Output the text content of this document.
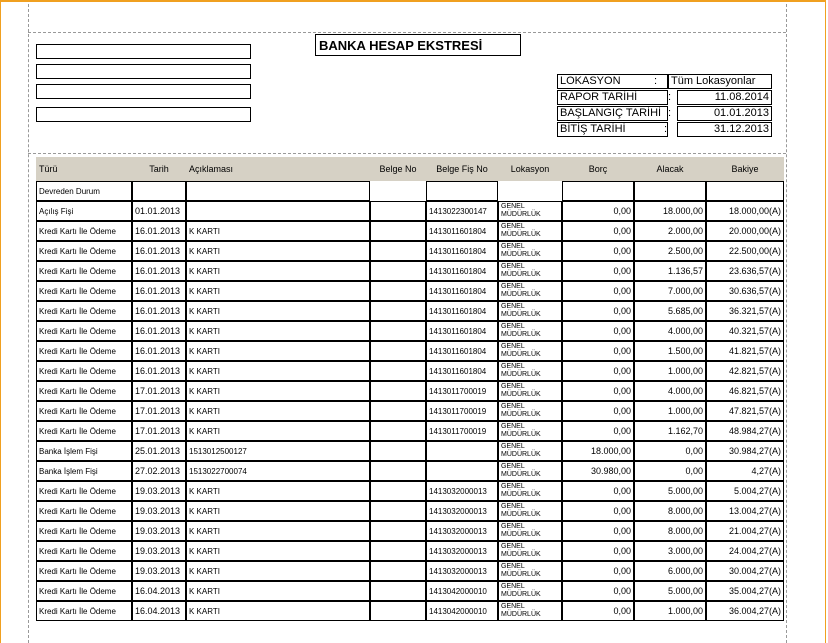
BANKA HESAP EKSTRESİ
LOKASYON	: Tüm Lokasyonlar
RAPOR TARİHİ	:	11.08.2014
BAŞLANGIÇ TARİHİ :	01.01.2013
BİTİŞ TARİHİ	:	31.12.2013
Türü	Tarih	Açıklaması	Belge No	Belge Fiş No	Lokasyon	Borç	Alacak	Bakiye
Devreden Durum								
Açılış Fişi	01.01.2013			1413022300147	GENEL MÜDÜRLÜK	0,00	18.000,00	18.000,00(A)
Kredi Kartı İle Ödeme	16.01.2013	K KARTI		1413011601804	GENEL MÜDÜRLÜK	0,00	2.000,00	20.000,00(A)
Kredi Kartı İle Ödeme	16.01.2013	K KARTI		1413011601804	GENEL MÜDÜRLÜK	0,00	2.500,00	22.500,00(A)
Kredi Kartı İle Ödeme	16.01.2013	K KARTI		1413011601804	GENEL MÜDÜRLÜK	0,00	1.136,57	23.636,57(A)
Kredi Kartı İle Ödeme	16.01.2013	K KARTI		1413011601804	GENEL MÜDÜRLÜK	0,00	7.000,00	30.636,57(A)
Kredi Kartı İle Ödeme	16.01.2013	K KARTI		1413011601804	GENEL MÜDÜRLÜK	0,00	5.685,00	36.321,57(A)
Kredi Kartı İle Ödeme	16.01.2013	K KARTI		1413011601804	GENEL MÜDÜRLÜK	0,00	4.000,00	40.321,57(A)
Kredi Kartı İle Ödeme	16.01.2013	K KARTI		1413011601804	GENEL MÜDÜRLÜK	0,00	1.500,00	41.821,57(A)
Kredi Kartı İle Ödeme	16.01.2013	K KARTI		1413011601804	GENEL MÜDÜRLÜK	0,00	1.000,00	42.821,57(A)
Kredi Kartı İle Ödeme	17.01.2013	K KARTI		1413011700019	GENEL MÜDÜRLÜK	0,00	4.000,00	46.821,57(A)
Kredi Kartı İle Ödeme	17.01.2013	K KARTI		1413011700019	GENEL MÜDÜRLÜK	0,00	1.000,00	47.821,57(A)
Kredi Kartı İle Ödeme	17.01.2013	K KARTI		1413011700019	GENEL MÜDÜRLÜK	0,00	1.162,70	48.984,27(A)
Banka İşlem Fişi	25.01.2013	1513012500127			GENEL MÜDÜRLÜK	18.000,00	0,00	30.984,27(A)
Banka İşlem Fişi	27.02.2013	1513022700074			GENEL MÜDÜRLÜK	30.980,00	0,00	4,27(A)
Kredi Kartı İle Ödeme	19.03.2013	K KARTI		1413032000013	GENEL MÜDÜRLÜK	0,00	5.000,00	5.004,27(A)
Kredi Kartı İle Ödeme	19.03.2013	K KARTI		1413032000013	GENEL MÜDÜRLÜK	0,00	8.000,00	13.004,27(A)
Kredi Kartı İle Ödeme	19.03.2013	K KARTI		1413032000013	GENEL MÜDÜRLÜK	0,00	8.000,00	21.004,27(A)
Kredi Kartı İle Ödeme	19.03.2013	K KARTI		1413032000013	GENEL MÜDÜRLÜK	0,00	3.000,00	24.004,27(A)
Kredi Kartı İle Ödeme	19.03.2013	K KARTI		1413032000013	GENEL MÜDÜRLÜK	0,00	6.000,00	30.004,27(A)
Kredi Kartı İle Ödeme	16.04.2013	K KARTI		1413042000010	GENEL MÜDÜRLÜK	0,00	5.000,00	35.004,27(A)
Kredi Kartı İle Ödeme	16.04.2013	K KARTI		1413042000010	GENEL MÜDÜRLÜK	0,00	1.000,00	36.004,27(A)
